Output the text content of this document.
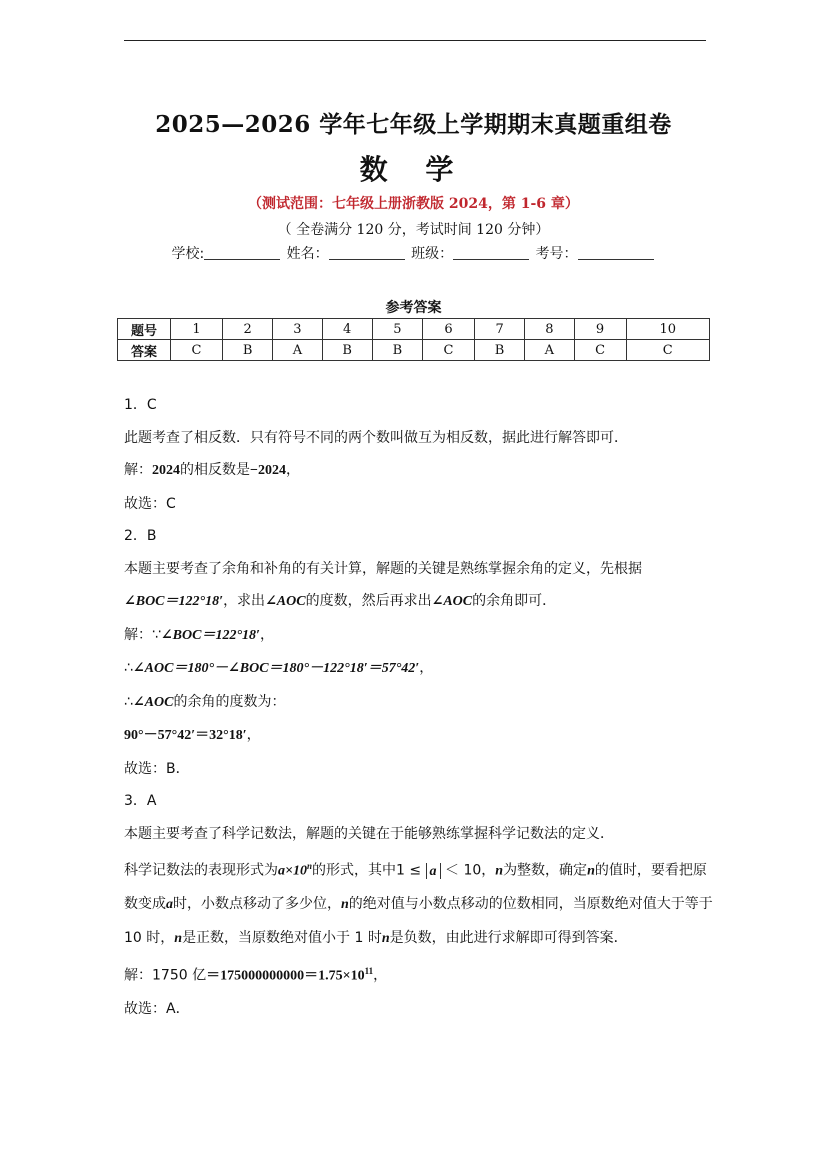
2025—2026 学年七年级上学期期末真题重组卷
数 学
（测试范围：七年级上册浙教版 2024，第 1-6 章）
（ 全卷满分 120 分，考试时间 120 分钟）
学校:	姓名：	班级：	考号：
参考答案
题号	1	2	3	4	5	6	7	8	9	10
答案	C	B	A	B	B	C	B	A	C	C

1．C

此题考查了相反数．只有符号不同的两个数叫做互为相反数，据此进行解答即可．

解：2024的相反数是−2024，

故选：C

2．B

本题主要考查了余角和补角的有关计算，解题的关键是熟练掌握余角的定义，先根据

∠BOC＝122°18′，求出∠AOC的度数，然后再求出∠AOC的余角即可．

解：∵∠BOC＝122°18′，

∴∠AOC＝180°－∠BOC＝180°－122°18′＝57°42′，

∴∠AOC的余角的度数为：

90°－57°42′＝32°18′，

故选：B．

3．A

本题主要考查了科学记数法，解题的关键在于能够熟练掌握科学记数法的定义．

科学记数法的表现形式为$a\times 10^n$的形式，其中1 ≤ a ＜ 10，n为整数，确定n的值时，要看把原数变成a时，小数点移动了多少位，n的绝对值与小数点移动的位数相同，当原数绝对值大于等于 10 时，n是正数，当原数绝对值小于 1 时n是负数，由此进行求解即可得到答案．

解：1750 亿$=175000000000=1.75\times 10^{11}$，

故选：A．
